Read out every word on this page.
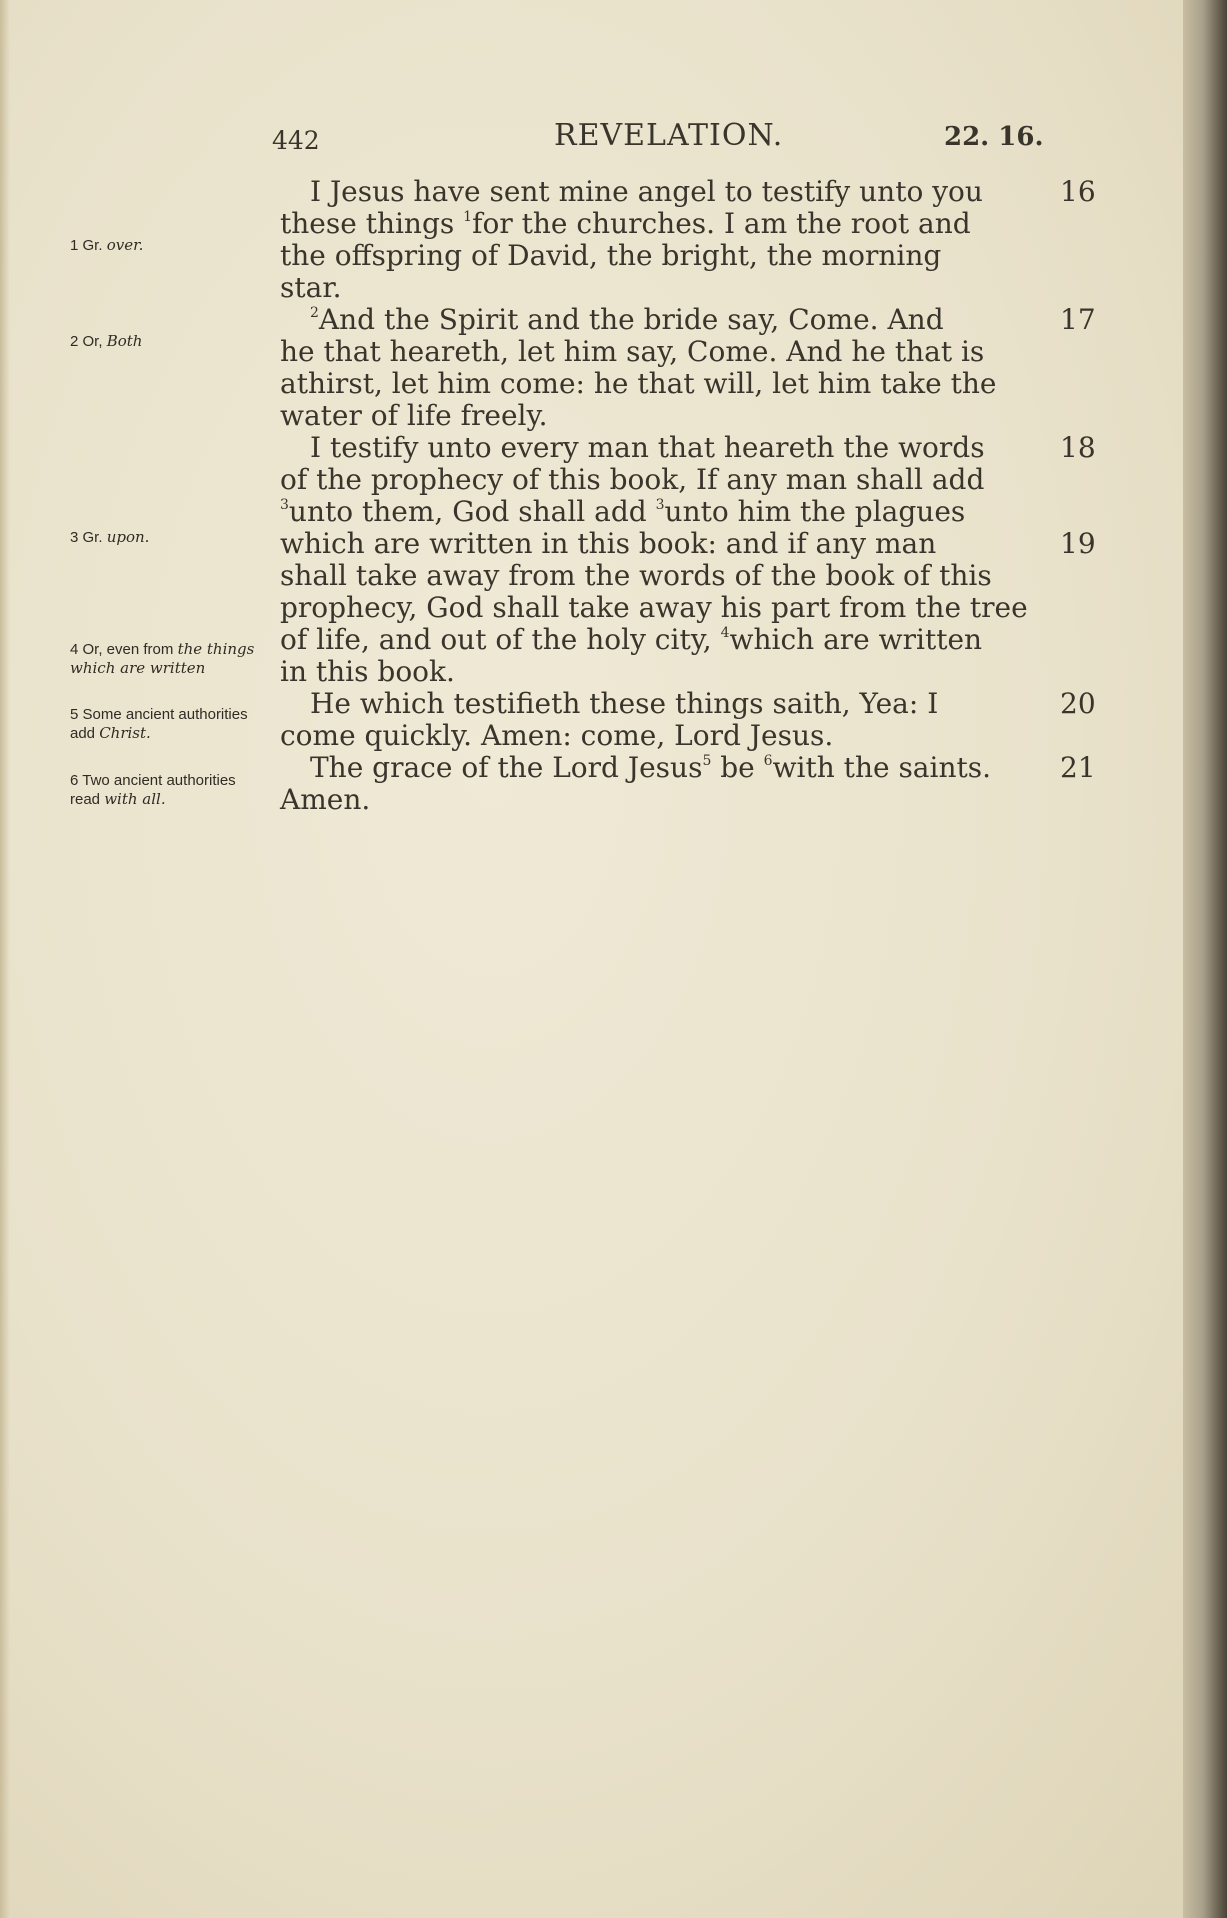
442	REVELATION.	22. 16.
1 Gr. over.
2 Or, Both
3 Gr. upon.
4 Or, even from the things which are written
5 Some ancient authorities add Christ.
6 Two ancient authorities read with all.
I Jesus have sent mine angel to testify unto you	16
these things $^1$for the churches. I am the root and
the offspring of David, the bright, the morning
star.
$^2$And the Spirit and the bride say, Come. And	17
he that heareth, let him say, Come. And he that is
athirst, let him come: he that will, let him take the
water of life freely.
I testify unto every man that heareth the words	18
of the prophecy of this book, If any man shall add
$^3$unto them, God shall add $^3$unto him the plagues
which are written in this book: and if any man	19
shall take away from the words of the book of this
prophecy, God shall take away his part from the tree
of life, and out of the holy city, $^4$which are written
in this book.
He which testifieth these things saith, Yea: I	20
come quickly. Amen: come, Lord Jesus.
The grace of the Lord Jesus$^5$ be $^6$with the saints. 21
Amen.
